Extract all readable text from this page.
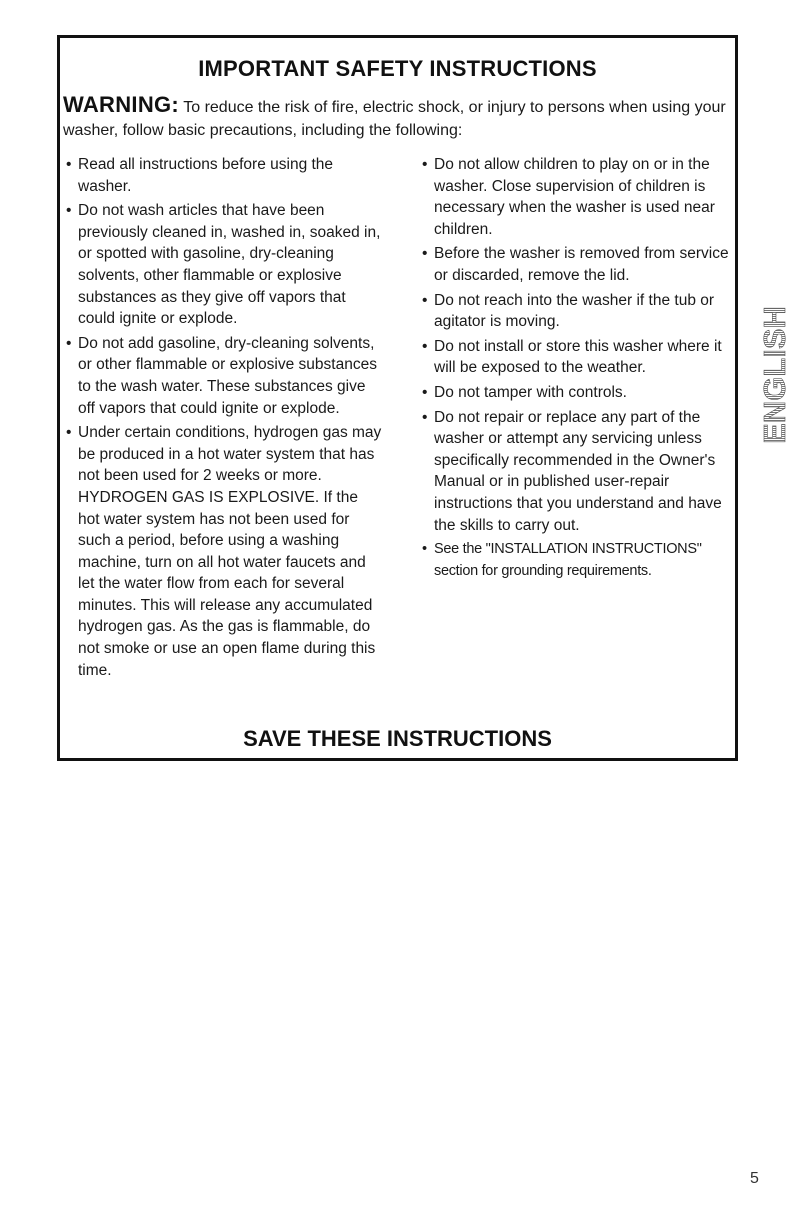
IMPORTANT SAFETY INSTRUCTIONS
WARNING: To reduce the risk of fire, electric shock, or injury to persons when using your washer, follow basic precautions, including the following:
• Read all instructions before using the washer.
• Do not wash articles that have been previously cleaned in, washed in, soaked in, or spotted with gasoline, dry-cleaning solvents, other flammable or explosive substances as they give off vapors that could ignite or explode.
• Do not add gasoline, dry-cleaning solvents, or other flammable or explosive substances to the wash water. These substances give off vapors that could ignite or explode.
• Under certain conditions, hydrogen gas may be produced in a hot water system that has not been used for 2 weeks or more. HYDROGEN GAS IS EXPLOSIVE. If the hot water system has not been used for such a period, before using a washing machine, turn on all hot water faucets and let the water flow from each for several minutes. This will release any accumulated hydrogen gas. As the gas is flammable, do not smoke or use an open flame during this time.
• Do not allow children to play on or in the washer. Close supervision of children is necessary when the washer is used near children.
• Before the washer is removed from service or discarded, remove the lid.
• Do not reach into the washer if the tub or agitator is moving.
• Do not install or store this washer where it will be exposed to the weather.
• Do not tamper with controls.
• Do not repair or replace any part of the washer or attempt any servicing unless specifically recommended in the Owner's Manual or in published user-repair instructions that you understand and have the skills to carry out.
• See the "INSTALLATION INSTRUCTIONS" section for grounding requirements.
SAVE THESE INSTRUCTIONS
ENGLISH
5
